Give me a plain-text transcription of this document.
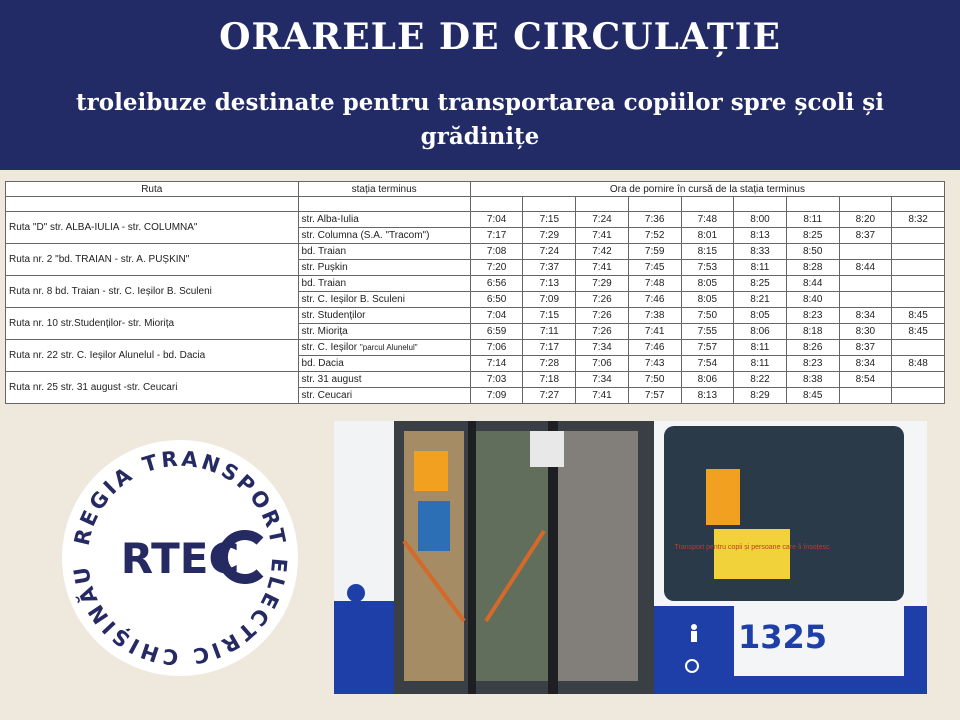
ORARELE DE CIRCULAȚIE
troleibuze destinate pentru transportarea copiilor spre școli și grădinițe
Ruta	stația terminus	Ora de pornire în cursă de la stația terminus								

Ruta "D" str. ALBA-IULIA - str. COLUMNA"	str. Alba-Iulia	7:04	7:15	7:24	7:36	7:48	8:00	8:11	8:20	8:32
	str. Columna (S.A. "Tracom")	7:17	7:29	7:41	7:52	8:01	8:13	8:25	8:37	
Ruta nr. 2 "bd. TRAIAN - str. A. PUȘKIN"	bd. Traian	7:08	7:24	7:42	7:59	8:15	8:33	8:50		
	str. Pușkin	7:20	7:37	7:41	7:45	7:53	8:11	8:28	8:44	
Ruta nr. 8 bd. Traian - str. C. Ieșilor B. Sculeni	bd. Traian	6:56	7:13	7:29	7:48	8:05	8:25	8:44		
	str. C. Ieșilor B. Sculeni	6:50	7:09	7:26	7:46	8:05	8:21	8:40		
Ruta nr. 10 str.Studenților- str. Miorița	str. Studenților	7:04	7:15	7:26	7:38	7:50	8:05	8:23	8:34	8:45
	str. Miorița	6:59	7:11	7:26	7:41	7:55	8:06	8:18	8:30	8:45
Ruta nr. 22 str. C. Ieșilor Alunelul - bd. Dacia	str. C. Ieșilor "parcul Alunelul"	7:06	7:17	7:34	7:46	7:57	8:11	8:26	8:37	
	bd. Dacia	7:14	7:28	7:06	7:43	7:54	8:11	8:23	8:34	8:48
Ruta nr. 25 str. 31 august -str. Ceucari	str. 31 august	7:03	7:18	7:34	7:50	8:06	8:22	8:38	8:54	
	str. Ceucari	7:09	7:27	7:41	7:57	8:13	8:29	8:45		
REGIA TRANSPORT ELECTRIC CHIȘINĂU RTEC	Transport pentru copii și persoane care îi însoțesc
1325
